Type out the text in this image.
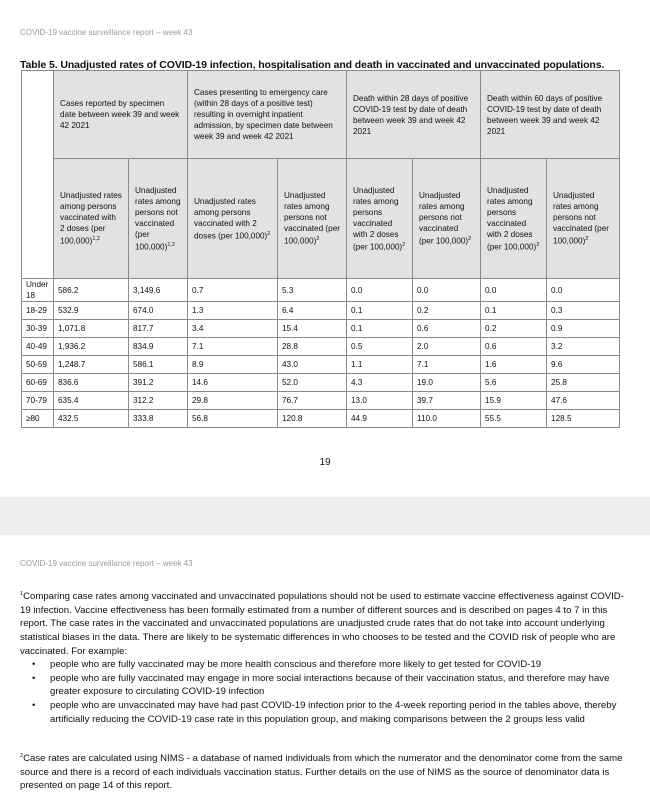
COVID-19 vaccine surveillance report – week 43
Table 5. Unadjusted rates of COVID-19 infection, hospitalisation and death in vaccinated and unvaccinated populations.
	Cases reported by specimen date between week 39 and week 42 2021		Cases presenting to emergency care (within 28 days of a positive test) resulting in overnight inpatient admission, by specimen date between week 39 and week 42 2021		Death within 28 days of positive COVID-19 test by date of death between week 39 and week 42 2021		Death within 60 days of positive COVID-19 test by date of death between week 39 and week 42 2021	
	Unadjusted rates among persons vaccinated with 2 doses (per 100,000)$^{1,2}$	Unadjusted rates among persons not vaccinated (per 100,000)$^{1,2}$	Unadjusted rates among persons vaccinated with 2 doses (per 100,000)$^2$	Unadjusted rates among persons not vaccinated (per 100,000)$^2$	Unadjusted rates among persons vaccinated with 2 doses (per 100,000)$^2$	Unadjusted rates among persons not vaccinated (per 100,000)$^2$	Unadjusted rates among persons vaccinated with 2 doses (per 100,000)$^2$	Unadjusted rates among persons not vaccinated (per 100,000)$^2$
Under 18	586.2	3,149.6	0.7	5.3	0.0	0.0	0.0	0.0
18-29	532.9	674.0	1.3	6.4	0.1	0.2	0.1	0.3
30-39	1,071.8	817.7	3.4	15.4	0.1	0.6	0.2	0.9
40-49	1,936.2	834.9	7.1	28.8	0.5	2.0	0.6	3.2
50-59	1,248.7	586.1	8.9	43.0	1.1	7.1	1.6	9.6
60-69	836.6	391.2	14.6	52.0	4.3	19.0	5.6	25.8
70-79	635.4	312.2	29.8	76.7	13.0	39.7	15.9	47.6
≥80	432.5	333.8	56.8	120.8	44.9	110.0	55.5	128.5
19
COVID-19 vaccine surveillance report – week 43
$^1$Comparing case rates among vaccinated and unvaccinated populations should not be used to estimate vaccine effectiveness against COVID-19 infection. Vaccine effectiveness has been formally estimated from a number of different sources and is described on pages 4 to 7 in this report. The case rates in the vaccinated and unvaccinated populations are unadjusted crude rates that do not take into account underlying statistical biases in the data. There are likely to be systematic differences in who chooses to be tested and the COVID risk of people who are vaccinated. For example:
• people who are fully vaccinated may be more health conscious and therefore more likely to get tested for COVID-19
• people who are fully vaccinated may engage in more social interactions because of their vaccination status, and therefore may have greater exposure to circulating COVID-19 infection
• people who are unvaccinated may have had past COVID-19 infection prior to the 4-week reporting period in the tables above, thereby artificially reducing the COVID-19 case rate in this population group, and making comparisons between the 2 groups less valid
$^2$Case rates are calculated using NIMS - a database of named individuals from which the numerator and the denominator come from the same source and there is a record of each individuals vaccination status. Further details on the use of NIMS as the source of denominator data is presented on page 14 of this report.
